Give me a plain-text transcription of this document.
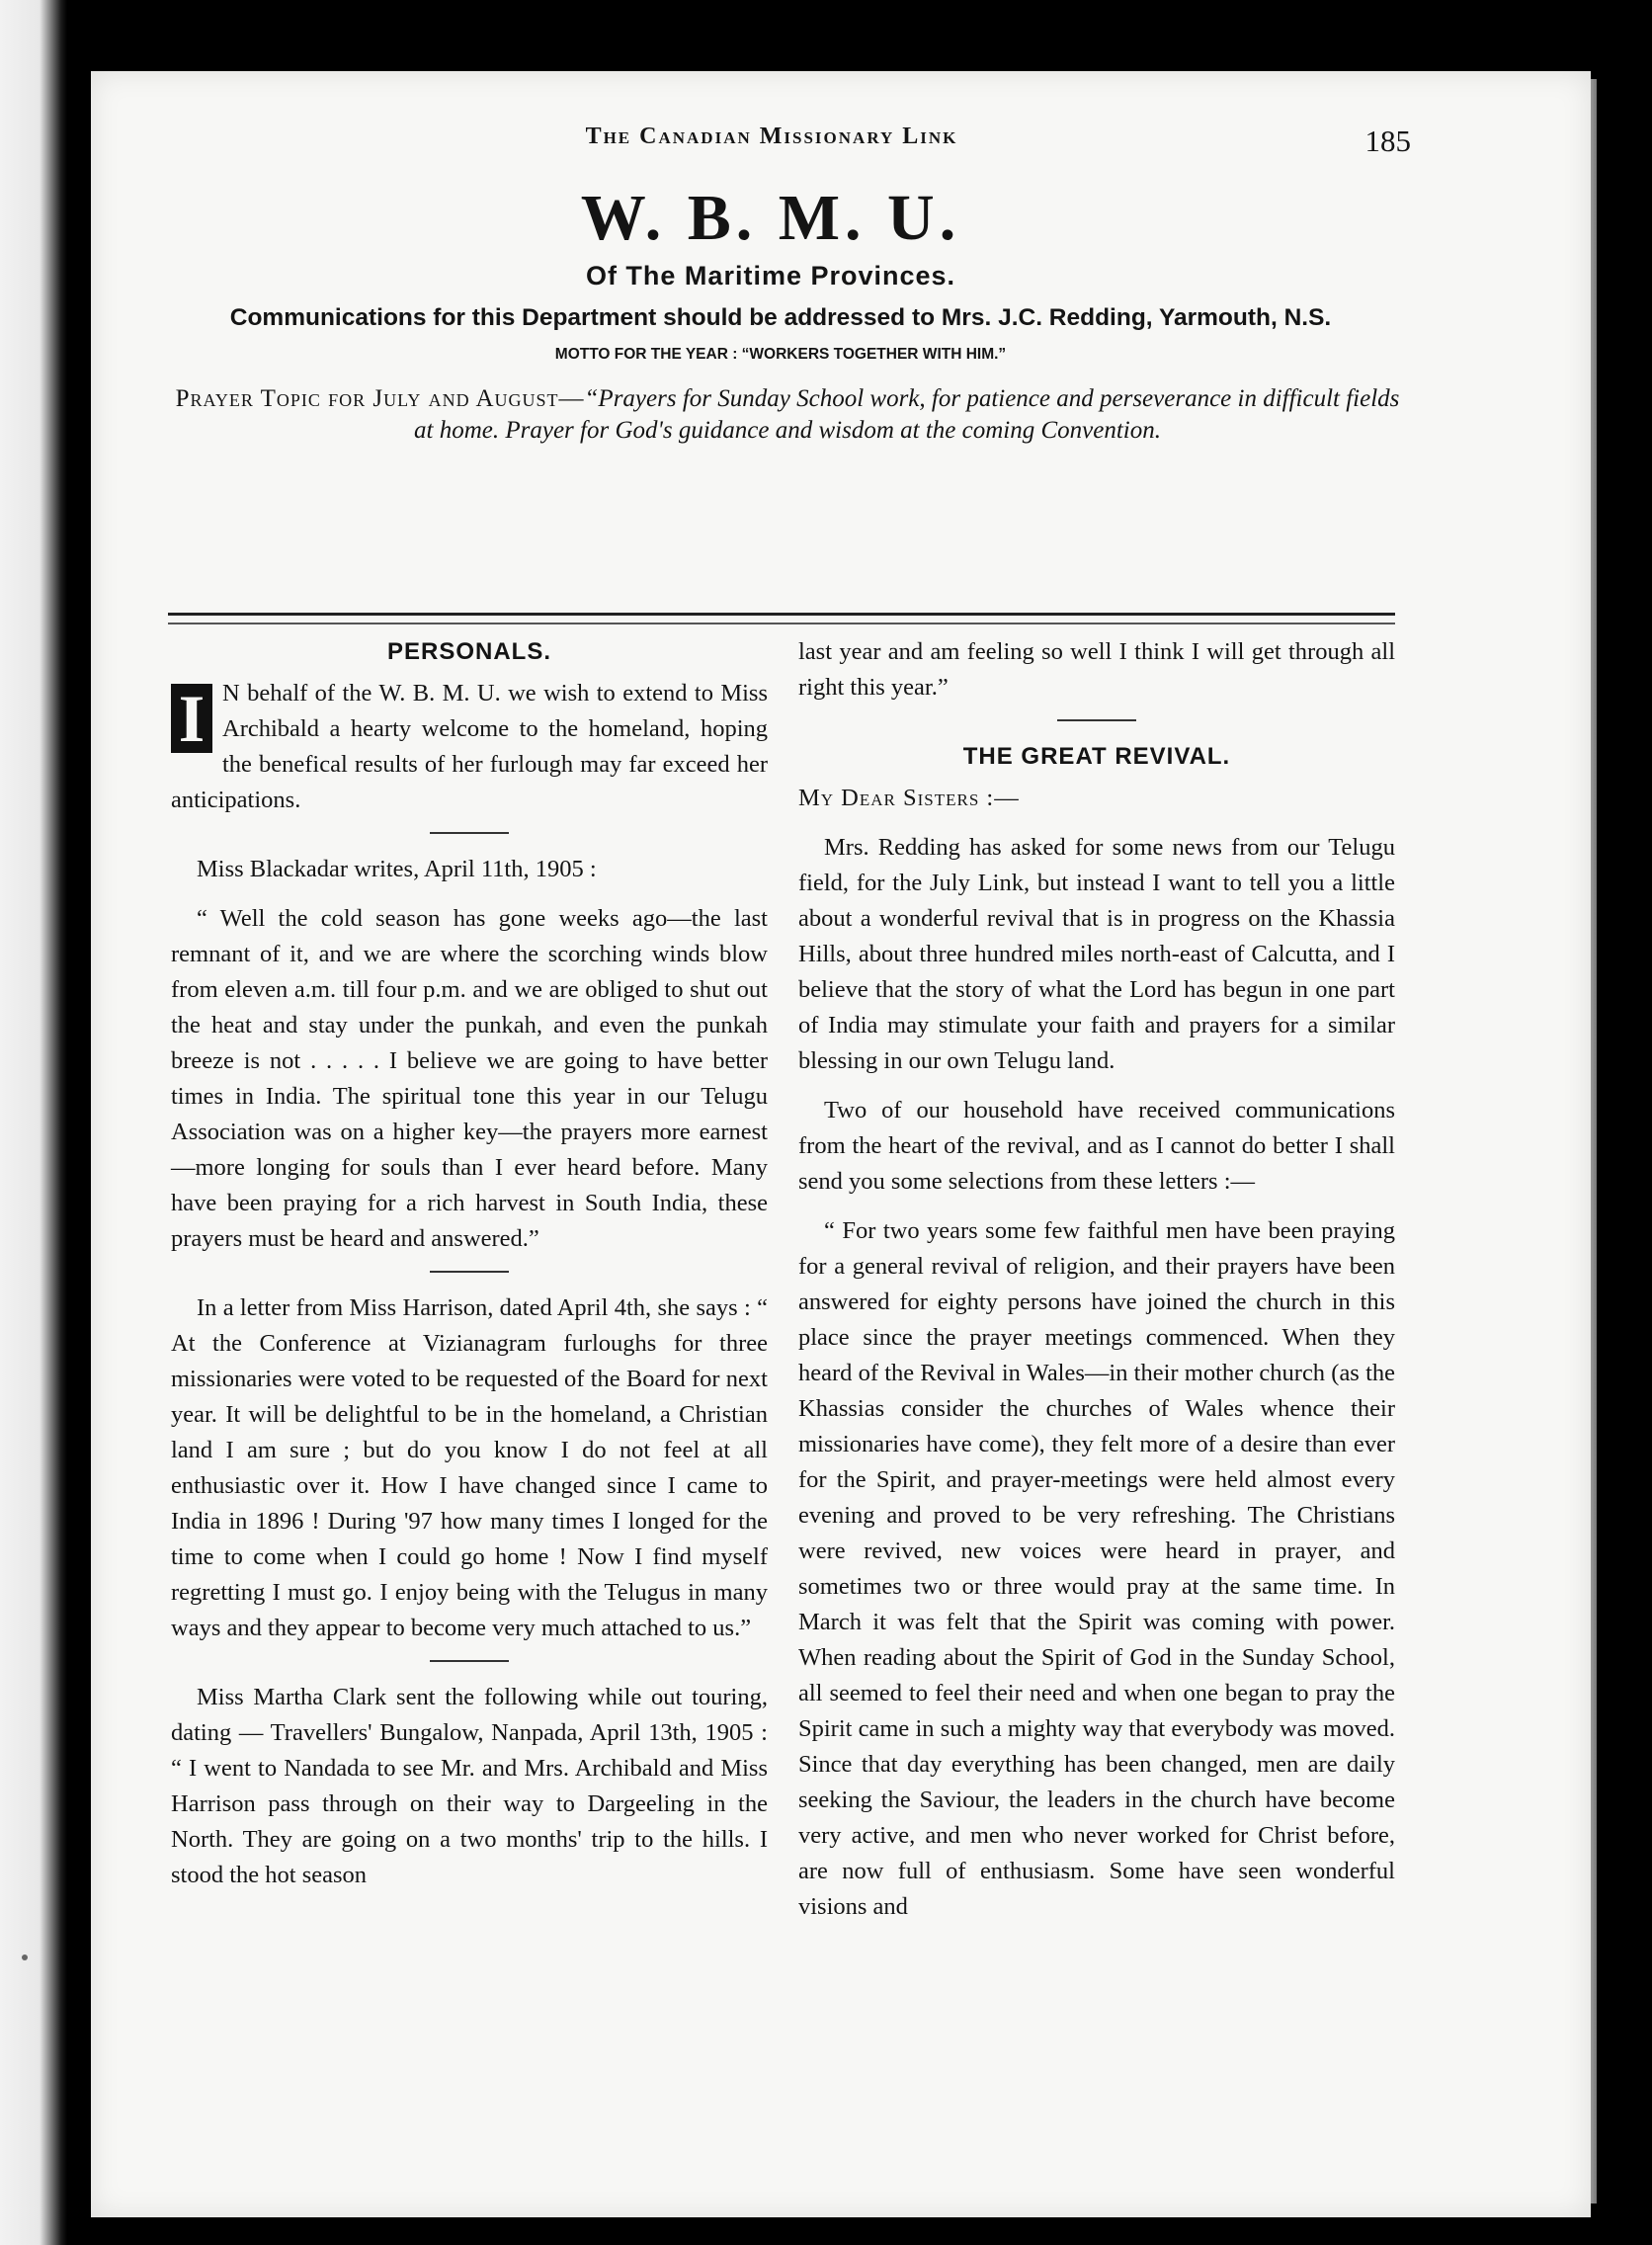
The Canadian Missionary Link	185
W. B. M. U.
Of The Maritime Provinces.
Communications for this Department should be addressed to Mrs. J.C. Redding, Yarmouth, N.S.
MOTTO FOR THE YEAR : “WORKERS TOGETHER WITH HIM.”
Prayer Topic for July and August—“Prayers for Sunday School work, for patience and perseverance in difficult fields at home. Prayer for God's guidance and wisdom at the coming Convention.
PERSONALS.

I N behalf of the W. B. M. U. we wish to extend to Miss Archibald a hearty welcome to the homeland, hoping the benefical results of her furlough may far exceed her anticipations.

Miss Blackadar writes, April 11th, 1905 :

“ Well the cold season has gone weeks ago—the last remnant of it, and we are where the scorching winds blow from eleven a.m. till four p.m. and we are obliged to shut out the heat and stay under the punkah, and even the punkah breeze is not . . . . . I believe we are going to have better times in India. The spiritual tone this year in our Telugu Association was on a higher key—the prayers more earnest—more longing for souls than I ever heard before. Many have been praying for a rich harvest in South India, these prayers must be heard and answered.”

In a letter from Miss Harrison, dated April 4th, she says : “ At the Conference at Vizianagram furloughs for three missionaries were voted to be requested of the Board for next year. It will be delightful to be in the homeland, a Christian land I am sure ; but do you know I do not feel at all enthusiastic over it. How I have changed since I came to India in 1896 ! During '97 how many times I longed for the time to come when I could go home ! Now I find myself regretting I must go. I enjoy being with the Telugus in many ways and they appear to become very much attached to us.”

Miss Martha Clark sent the following while out touring, dating — Travellers' Bungalow, Nanpada, April 13th, 1905 : “ I went to Nandada to see Mr. and Mrs. Archibald and Miss Harrison pass through on their way to Dargeeling in the North. They are going on a two months' trip to the hills. I stood the hot season

last year and am feeling so well I think I will get through all right this year.”

THE GREAT REVIVAL.

My Dear Sisters :—

Mrs. Redding has asked for some news from our Telugu field, for the July Link, but instead I want to tell you a little about a wonderful revival that is in progress on the Khassia Hills, about three hundred miles north-east of Calcutta, and I believe that the story of what the Lord has begun in one part of India may stimulate your faith and prayers for a similar blessing in our own Telugu land.

Two of our household have received communications from the heart of the revival, and as I cannot do better I shall send you some selections from these letters :—

“ For two years some few faithful men have been praying for a general revival of religion, and their prayers have been answered for eighty persons have joined the church in this place since the prayer meetings commenced. When they heard of the Revival in Wales—in their mother church (as the Khassias consider the churches of Wales whence their missionaries have come), they felt more of a desire than ever for the Spirit, and prayer-meetings were held almost every evening and proved to be very refreshing. The Christians were revived, new voices were heard in prayer, and sometimes two or three would pray at the same time. In March it was felt that the Spirit was coming with power. When reading about the Spirit of God in the Sunday School, all seemed to feel their need and when one began to pray the Spirit came in such a mighty way that everybody was moved. Since that day everything has been changed, men are daily seeking the Saviour, the leaders in the church have become very active, and men who never worked for Christ before, are now full of enthusiasm. Some have seen wonderful visions and
